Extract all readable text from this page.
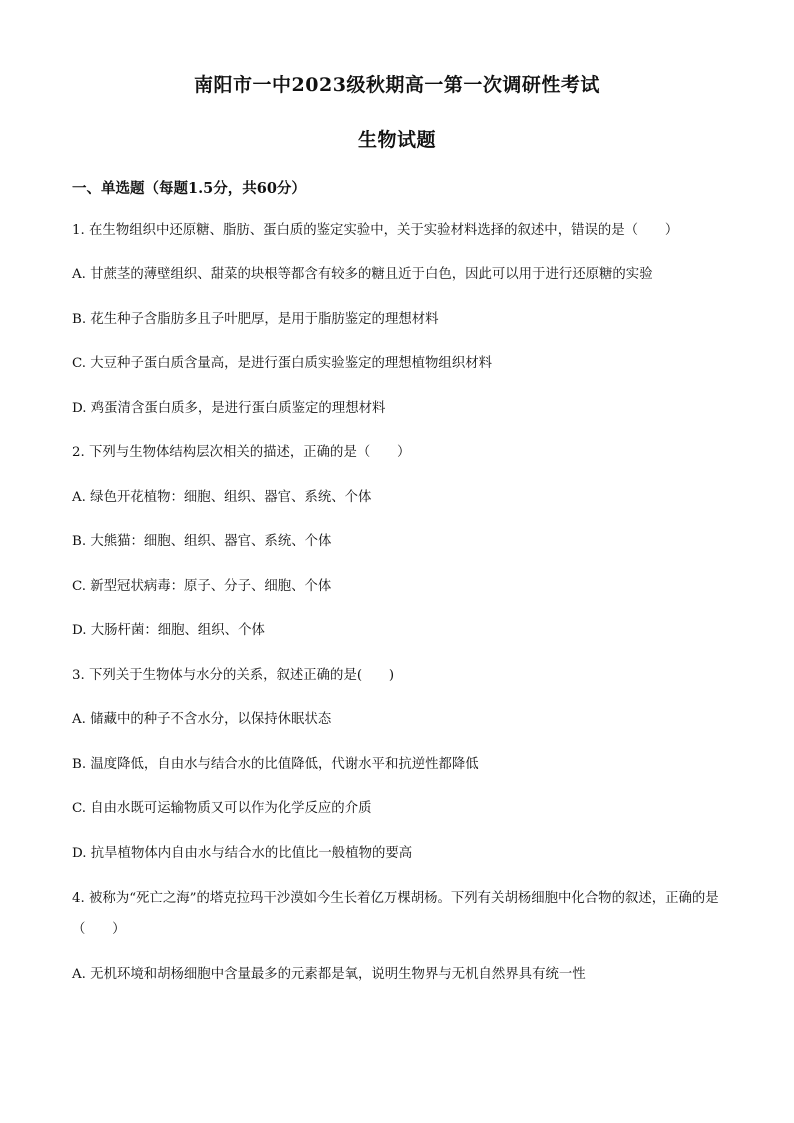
南阳市一中2023级秋期高一第一次调研性考试
生物试题
一、单选题（每题1.5分，共60分）
1. 在生物组织中还原糖、脂肪、蛋白质的鉴定实验中，关于实验材料选择的叙述中，错误的是（　　）
A. 甘蔗茎的薄壁组织、甜菜的块根等都含有较多的糖且近于白色，因此可以用于进行还原糖的实验
B. 花生种子含脂肪多且子叶肥厚，是用于脂肪鉴定的理想材料
C. 大豆种子蛋白质含量高，是进行蛋白质实验鉴定的理想植物组织材料
D. 鸡蛋清含蛋白质多，是进行蛋白质鉴定的理想材料
2. 下列与生物体结构层次相关的描述，正确的是（　　）
A. 绿色开花植物：细胞、组织、器官、系统、个体
B. 大熊猫：细胞、组织、器官、系统、个体
C. 新型冠状病毒：原子、分子、细胞、个体
D. 大肠杆菌：细胞、组织、个体
3. 下列关于生物体与水分的关系，叙述正确的是(　　)
A. 储藏中的种子不含水分，以保持休眠状态
B. 温度降低，自由水与结合水的比值降低，代谢水平和抗逆性都降低
C. 自由水既可运输物质又可以作为化学反应的介质
D. 抗旱植物体内自由水与结合水的比值比一般植物的要高
4. 被称为“死亡之海”的塔克拉玛干沙漠如今生长着亿万棵胡杨。下列有关胡杨细胞中化合物的叙述，正确的是（　　）
A. 无机环境和胡杨细胞中含量最多的元素都是氧，说明生物界与无机自然界具有统一性
